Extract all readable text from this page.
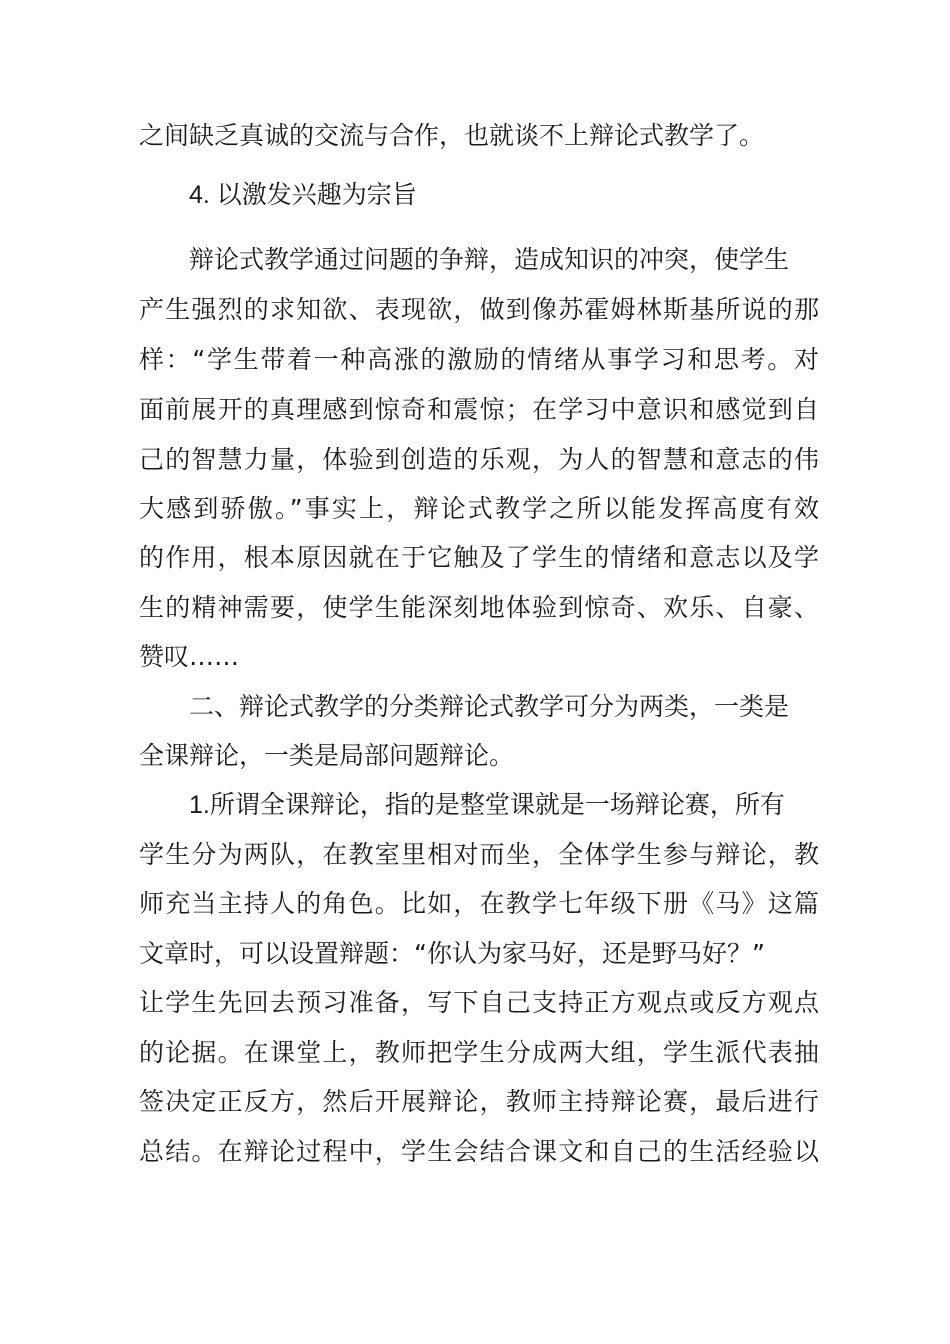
之间缺乏真诚的交流与合作，也就谈不上辩论式教学了。
4. 以激发兴趣为宗旨
辩论式教学通过问题的争辩，造成知识的冲突，使学生
产生强烈的求知欲、表现欲，做到像苏霍姆林斯基所说的那
样：“学生带着一种高涨的激励的情绪从事学习和思考。对
面前展开的真理感到惊奇和震惊；在学习中意识和感觉到自
己的智慧力量，体验到创造的乐观，为人的智慧和意志的伟
大感到骄傲。”事实上，辩论式教学之所以能发挥高度有效
的作用，根本原因就在于它触及了学生的情绪和意志以及学
生的精神需要，使学生能深刻地体验到惊奇、欢乐、自豪、
赞叹……
二、辩论式教学的分类辩论式教学可分为两类，一类是
全课辩论，一类是局部问题辩论。
1.所谓全课辩论，指的是整堂课就是一场辩论赛，所有
学生分为两队，在教室里相对而坐，全体学生参与辩论，教
师充当主持人的角色。比如，在教学七年级下册《马》这篇
文章时，可以设置辩题：“你认为家马好，还是野马好？”
让学生先回去预习准备，写下自己支持正方观点或反方观点
的论据。在课堂上，教师把学生分成两大组，学生派代表抽
签决定正反方，然后开展辩论，教师主持辩论赛，最后进行
总结。在辩论过程中，学生会结合课文和自己的生活经验以
